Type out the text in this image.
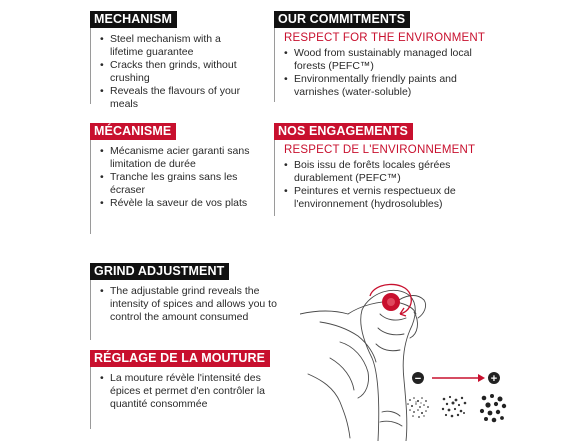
MECHANISM
• Steel mechanism with a lifetime guarantee
• Cracks then grinds, without crushing
• Reveals the flavours of your meals
OUR COMMITMENTS
RESPECT FOR THE ENVIRONMENT
• Wood from sustainably managed local forests (PEFC™)
• Environmentally friendly paints and varnishes (water-soluble)
MÉCANISME
• Mécanisme acier garanti sans limitation de durée
• Tranche les grains sans les écraser
• Révèle la saveur de vos plats
NOS ENGAGEMENTS
RESPECT DE L'ENVIRONNEMENT
• Bois issu de forêts locales gérées durablement (PEFC™)
• Peintures et vernis respectueux de l'environnement (hydrosolubles)
GRIND ADJUSTMENT
• The adjustable grind reveals the intensity of spices and allows you to control the amount consumed
RÉGLAGE DE LA MOUTURE
• La mouture révèle l'intensité des épices et permet d'en contrôler la quantité consommée
−	+
